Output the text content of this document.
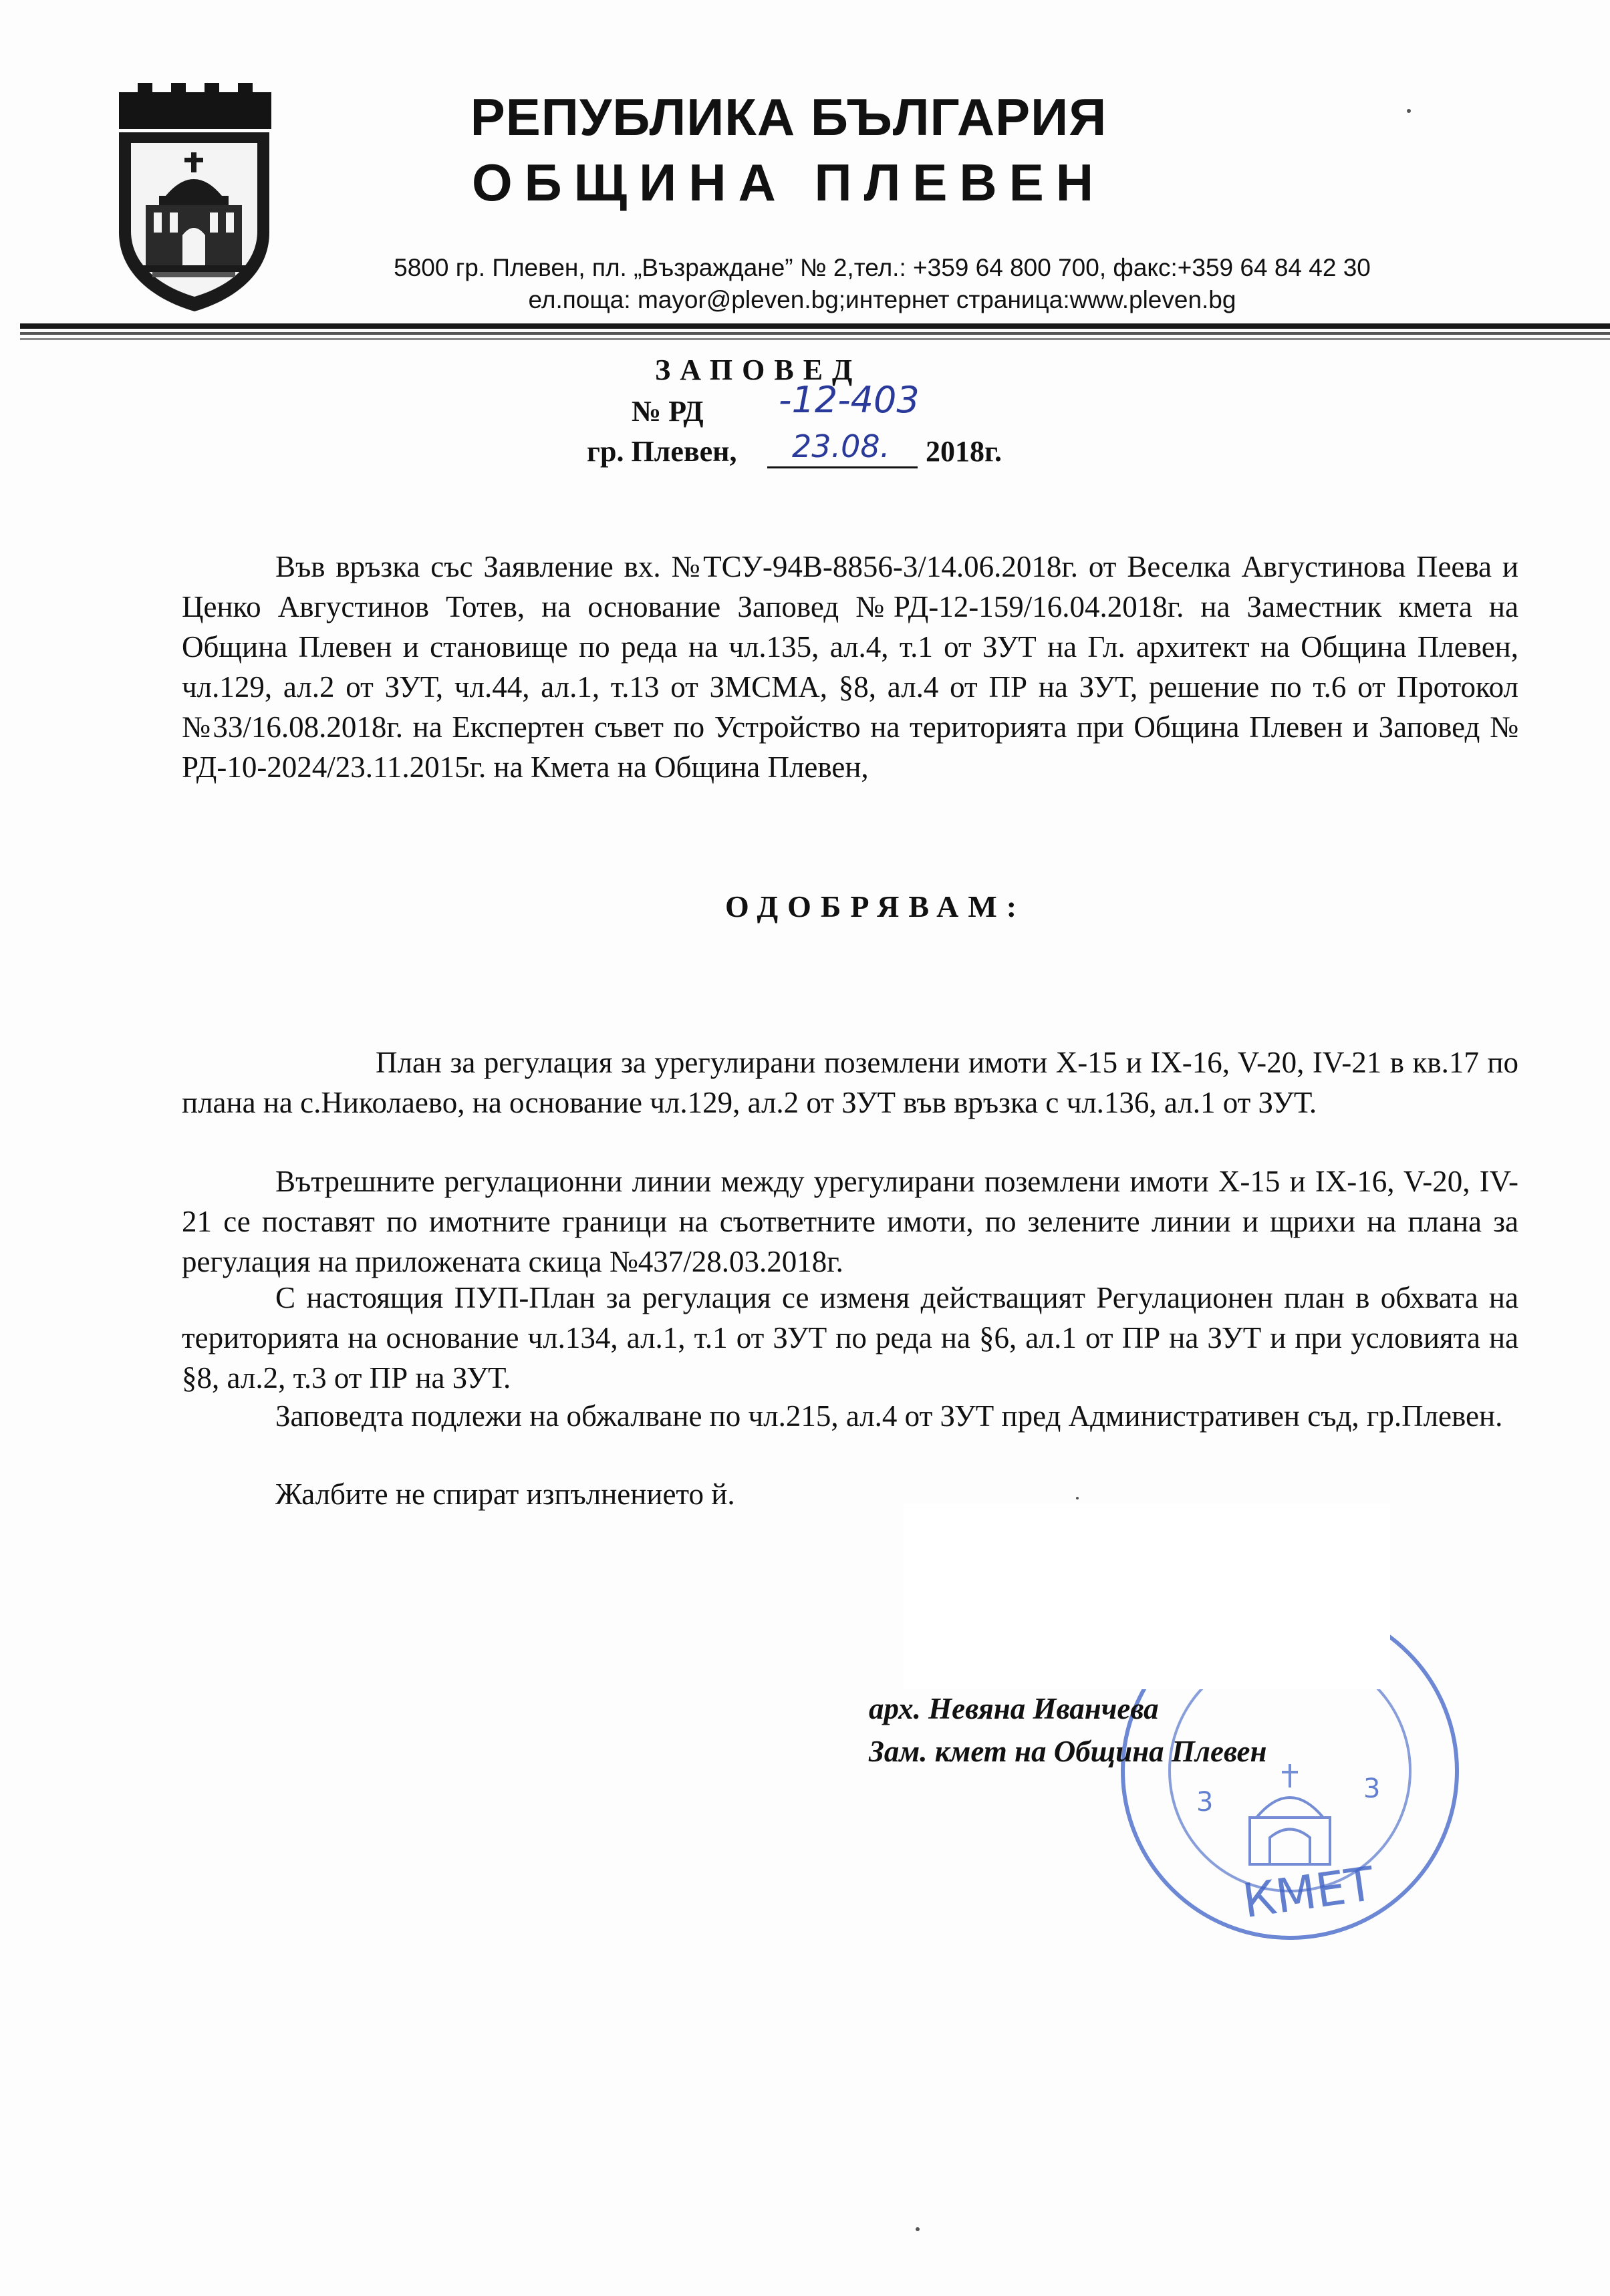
РЕПУБЛИКА БЪЛГАРИЯ
ОБЩИНА ПЛЕВЕН
5800 гр. Плевен, пл. „Възраждане” № 2,тел.: +359 64 800 700, факс:+359 64 84 42 30
ел.поща: mayor@pleven.bg;интернет страница:www.pleven.bg
ЗАПОВЕД
№ РД -12-403
гр. Плевен, 23.08. 2018г.
Във връзка със Заявление вх. №ТСУ-94В-8856-3/14.06.2018г. от Веселка Августинова Пеева и Ценко Августинов Тотев, на основание Заповед №РД-12-159/16.04.2018г. на Заместник кмета на Община Плевен и становище по реда на чл.135, ал.4, т.1 от ЗУТ на Гл. архитект на Община Плевен, чл.129, ал.2 от ЗУТ, чл.44, ал.1, т.13 от ЗМСМА, §8, ал.4 от ПР на ЗУТ, решение по т.6 от Протокол №33/16.08.2018г. на Експертен съвет по Устройство на територията при Община Плевен и Заповед № РД-10-2024/23.11.2015г. на Кмета на Община Плевен,
ОДОБРЯВАМ:
План за регулация за урегулирани поземлени имоти X-15 и IX-16, V-20, IV-21 в кв.17 по плана на с.Николаево, на основание чл.129, ал.2 от ЗУТ във връзка с чл.136, ал.1 от ЗУТ.
Вътрешните регулационни линии между урегулирани поземлени имоти X-15 и IX-16, V-20, IV-21 се поставят по имотните граници на съответните имоти, по зелените линии и щрихи на плана за регулация на приложената скица №437/28.03.2018г.
С настоящия ПУП-План за регулация се изменя действащият Регулационен план в обхвата на територията на основание чл.134, ал.1, т.1 от ЗУТ по реда на §6, ал.1 от ПР на ЗУТ и при условията на §8, ал.2, т.3 от ПР на ЗУТ.
Заповедта подлежи на обжалване по чл.215, ал.4 от ЗУТ пред Административен съд, гр.Плевен.
Жалбите не спират изпълнението й.
3	3
КМЕТ
арх. Невяна Иванчева
Зам. кмет на Община Плевен
